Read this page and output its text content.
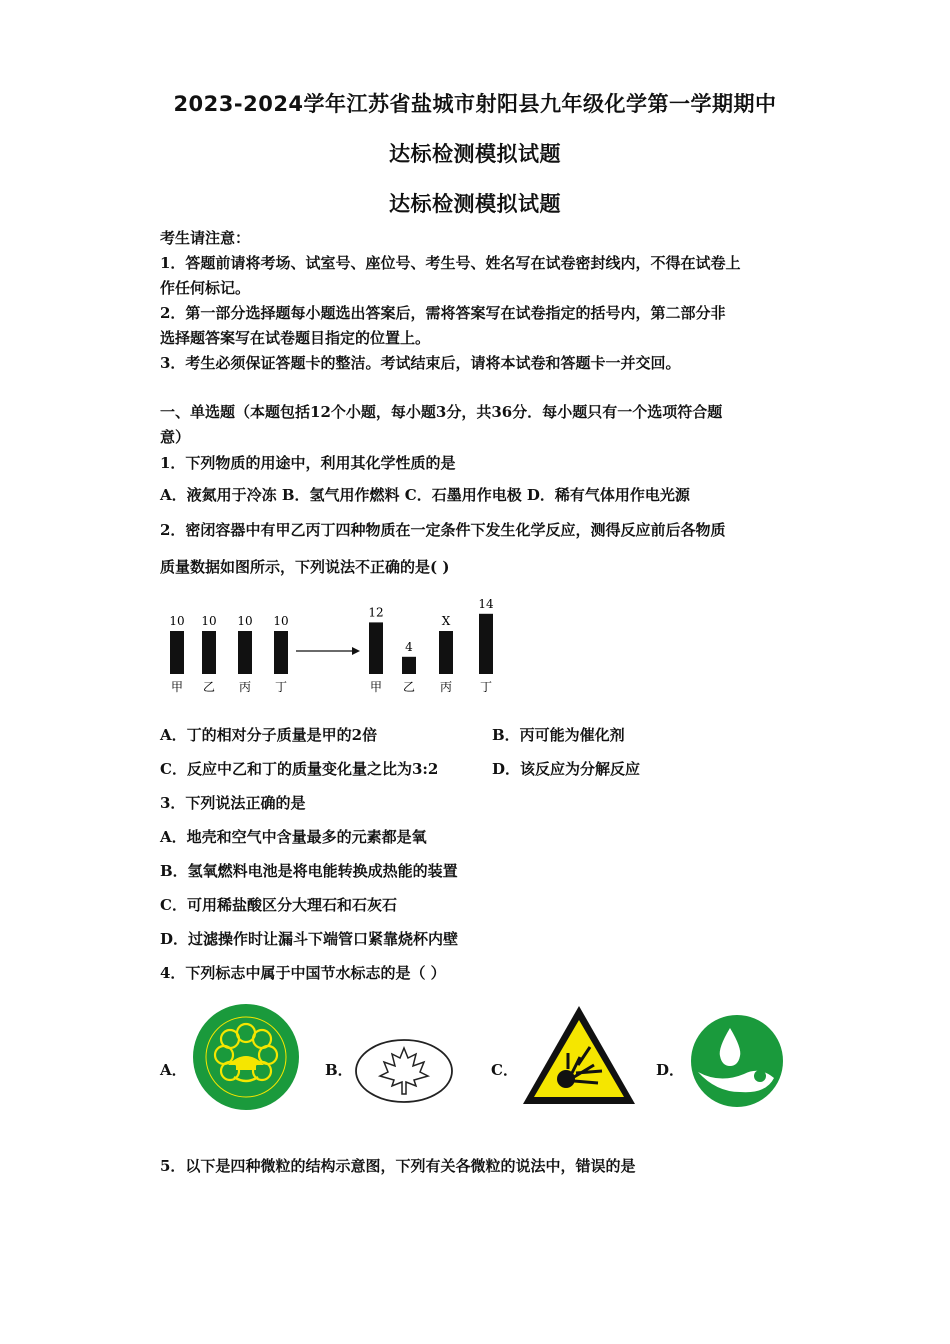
2023-2024学年江苏省盐城市射阳县九年级化学第一学期期中
达标检测模拟试题
达标检测模拟试题
考生请注意：
1．答题前请将考场、试室号、座位号、考生号、姓名写在试卷密封线内，不得在试卷上
作任何标记。
2．第一部分选择题每小题选出答案后，需将答案写在试卷指定的括号内，第二部分非
选择题答案写在试卷题目指定的位置上。
3．考生必须保证答题卡的整洁。考试结束后，请将本试卷和答题卡一并交回。
一、单选题（本题包括12个小题，每小题3分，共36分．每小题只有一个选项符合题
意）
1．下列物质的用途中，利用其化学性质的是
A．液氮用于冷冻 B．氢气用作燃料 C．石墨用作电极 D．稀有气体用作电光源
2．密闭容器中有甲乙丙丁四种物质在一定条件下发生化学反应，测得反应前后各物质
质量数据如图所示，下列说法不正确的是( )
10
甲
10
乙
10
丙
10
丁
12
甲
4
乙
X
丙
14
丁
A．丁的相对分子质量是甲的2倍	B．丙可能为催化剂
C．反应中乙和丁的质量变化量之比为3:2	D．该反应为分解反应
3．下列说法正确的是
A．地壳和空气中含量最多的元素都是氧
B．氢氧燃料电池是将电能转换成热能的装置
C．可用稀盐酸区分大理石和石灰石
D．过滤操作时让漏斗下端管口紧靠烧杯内壁
4．下列标志中属于中国节水标志的是（ ）
A．	B．	C．	D．
5．以下是四种微粒的结构示意图，下列有关各微粒的说法中，错误的是
